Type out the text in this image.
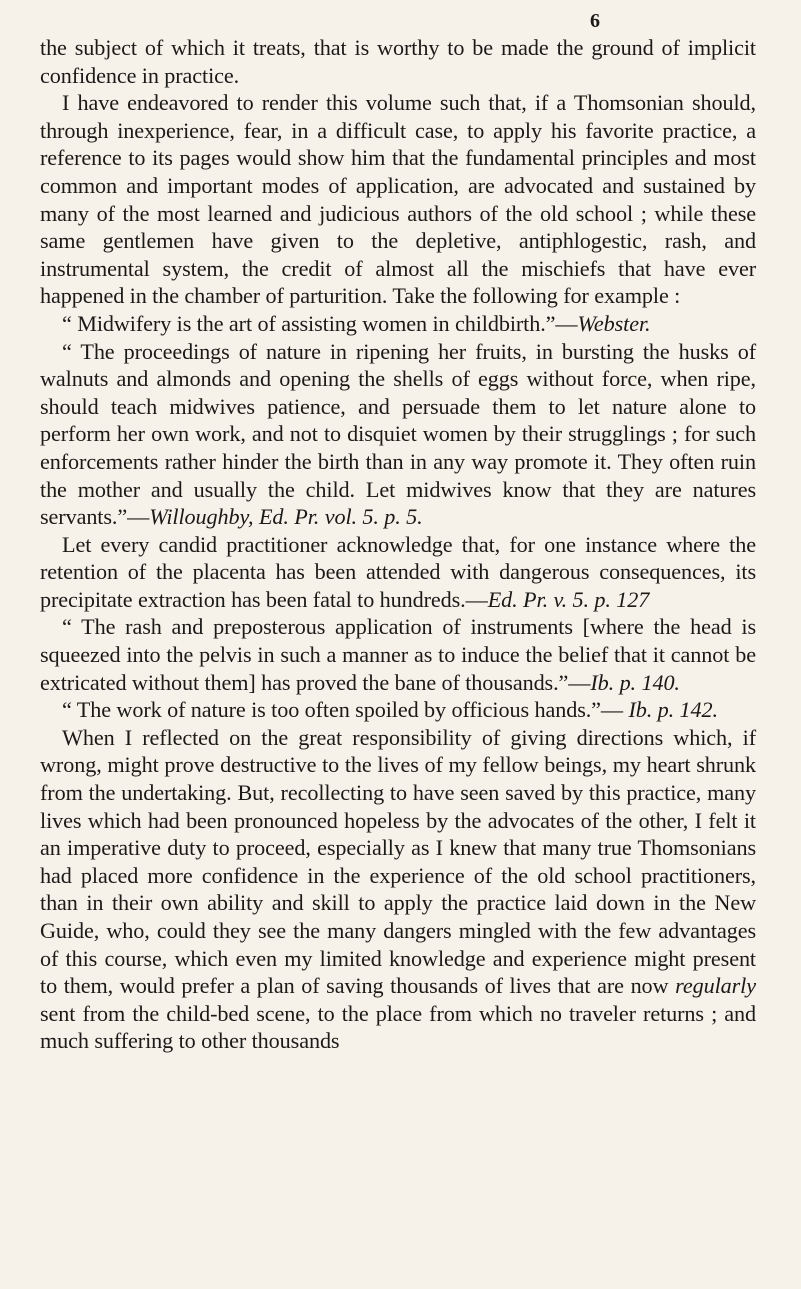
6

the subject of which it treats, that is worthy to be made the ground of implicit confidence in practice.

I have endeavored to render this volume such that, if a Thomsonian should, through inexperience, fear, in a difficult case, to apply his favorite practice, a reference to its pages would show him that the fundamental principles and most common and important modes of application, are advocated and sustained by many of the most learned and judicious authors of the old school ; while these same gentlemen have given to the depletive, antiphlogestic, rash, and instrumental system, the credit of almost all the mischiefs that have ever happened in the chamber of parturition. Take the following for example :

“ Midwifery is the art of assisting women in childbirth.”—Webster.

“ The proceedings of nature in ripening her fruits, in bursting the husks of walnuts and almonds and opening the shells of eggs without force, when ripe, should teach midwives patience, and persuade them to let nature alone to perform her own work, and not to disquiet women by their strugglings ; for such enforcements rather hinder the birth than in any way promote it. They often ruin the mother and usually the child. Let midwives know that they are natures servants.”—Willoughby, Ed. Pr. vol. 5. p. 5.

Let every candid practitioner acknowledge that, for one instance where the retention of the placenta has been attended with dangerous consequences, its precipitate extraction has been fatal to hundreds.—Ed. Pr. v. 5. p. 127

“ The rash and preposterous application of instruments [where the head is squeezed into the pelvis in such a manner as to induce the belief that it cannot be extricated without them] has proved the bane of thousands.”—Ib. p. 140.

“ The work of nature is too often spoiled by officious hands.”— Ib. p. 142.

When I reflected on the great responsibility of giving directions which, if wrong, might prove destructive to the lives of my fellow beings, my heart shrunk from the undertaking. But, recollecting to have seen saved by this practice, many lives which had been pronounced hopeless by the advocates of the other, I felt it an imperative duty to proceed, especially as I knew that many true Thomsonians had placed more confidence in the experience of the old school practitioners, than in their own ability and skill to apply the practice laid down in the New Guide, who, could they see the many dangers mingled with the few advantages of this course, which even my limited knowledge and experience might present to them, would prefer a plan of saving thousands of lives that are now regularly sent from the child-bed scene, to the place from which no traveler returns ; and much suffering to other thousands
